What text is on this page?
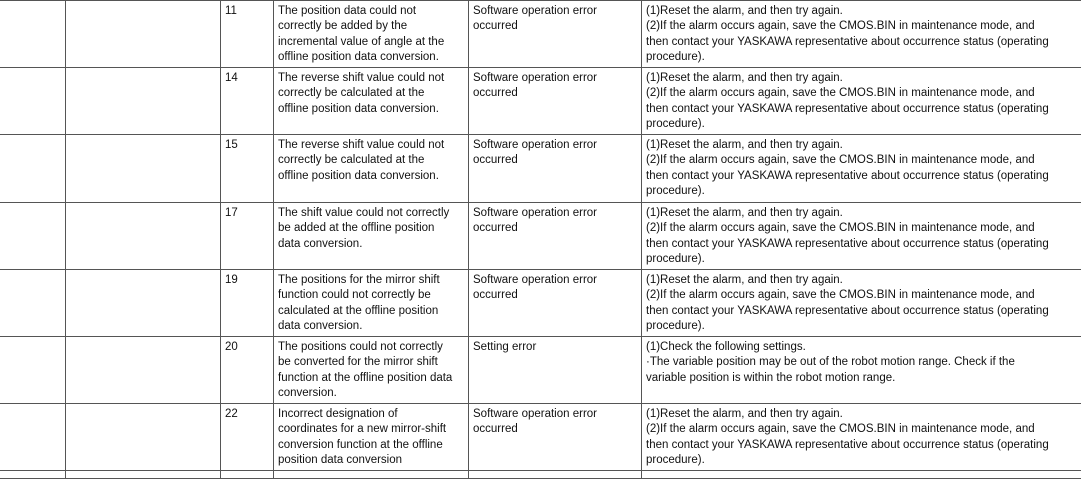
		11	The position data could not
correctly be added by the
incremental value of angle at the
offline position data conversion.	Software operation error
occurred	(1)Reset the alarm, and then try again.
(2)If the alarm occurs again, save the CMOS.BIN in maintenance mode, and
then contact your YASKAWA representative about occurrence status (operating
procedure).

		14	The reverse shift value could not
correctly be calculated at the
offline position data conversion.	Software operation error
occurred	(1)Reset the alarm, and then try again.
(2)If the alarm occurs again, save the CMOS.BIN in maintenance mode, and
then contact your YASKAWA representative about occurrence status (operating
procedure).

		15	The reverse shift value could not
correctly be calculated at the
offline position data conversion.	Software operation error
occurred	(1)Reset the alarm, and then try again.
(2)If the alarm occurs again, save the CMOS.BIN in maintenance mode, and
then contact your YASKAWA representative about occurrence status (operating
procedure).

		17	The shift value could not correctly
be added at the offline position
data conversion.	Software operation error
occurred	(1)Reset the alarm, and then try again.
(2)If the alarm occurs again, save the CMOS.BIN in maintenance mode, and
then contact your YASKAWA representative about occurrence status (operating
procedure).

		19	The positions for the mirror shift
function could not correctly be
calculated at the offline position
data conversion.	Software operation error
occurred	(1)Reset the alarm, and then try again.
(2)If the alarm occurs again, save the CMOS.BIN in maintenance mode, and
then contact your YASKAWA representative about occurrence status (operating
procedure).

		20	The positions could not correctly
be converted for the mirror shift
function at the offline position data
conversion.	Setting error	(1)Check the following settings.
·The variable position may be out of the robot motion range. Check if the
variable position is within the robot motion range.

		22	Incorrect designation of
coordinates for a new mirror-shift
conversion function at the offline
position data conversion	Software operation error
occurred	(1)Reset the alarm, and then try again.
(2)If the alarm occurs again, save the CMOS.BIN in maintenance mode, and
then contact your YASKAWA representative about occurrence status (operating
procedure).
